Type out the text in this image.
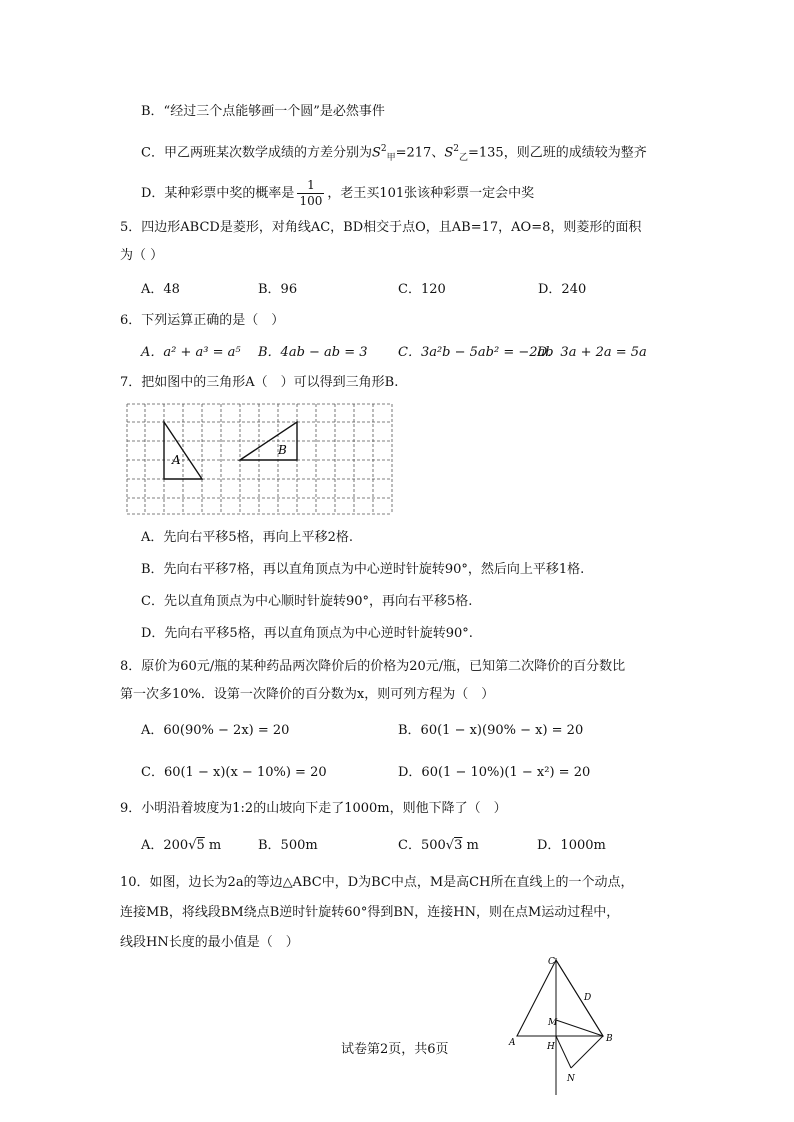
B．“经过三个点能够画一个圆”是必然事件
C．甲乙两班某次数学成绩的方差分别为$S^2_甲=217$、$S^2_乙=135$，则乙班的成绩较为整齐
D．某种彩票中奖的概率是 $\frac{1}{100}$ ，老王买101张该种彩票一定会中奖
5．四边形ABCD是菱形，对角线AC，BD相交于点O，且AB=17，AO=8，则菱形的面积
为（ ）
A．48	B．96	C．120	D．240
6．下列运算正确的是（　）
A．a² + a³ = a⁵ B．4ab − ab = 3 C．3a²b − 5ab² = −2ab
D．3a + 2a = 5a
7．把如图中的三角形A（　）可以得到三角形B.
A
B
A．先向右平移5格，再向上平移2格.
B．先向右平移7格，再以直角顶点为中心逆时针旋转90°，然后向上平移1格.
C．先以直角顶点为中心顺时针旋转90°，再向右平移5格.
D．先向右平移5格，再以直角顶点为中心逆时针旋转90°.
8．原价为60元/瓶的某种药品两次降价后的价格为20元/瓶，已知第二次降价的百分数比
第一次多10%．设第一次降价的百分数为x，则可列方程为（　）
A．60(90% − 2x) = 20	B．60(1 − x)(90% − x) = 20
C．60(1 − x)(x − 10%) = 20	D．60(1 − 10%)(1 − x²) = 20
9．小明沿着坡度为1:2的山坡向下走了1000m，则他下降了（　）
A．200√5 m	B．500m	C．500√3 m	D．1000m
10．如图，边长为2a的等边△ABC中，D为BC中点，M是高CH所在直线上的一个动点，
连接MB，将线段BM绕点B逆时针旋转60°得到BN，连接HN，则在点M运动过程中，
线段HN长度的最小值是（　）
C
D
M
A	H
B
N
试卷第2页，共6页
